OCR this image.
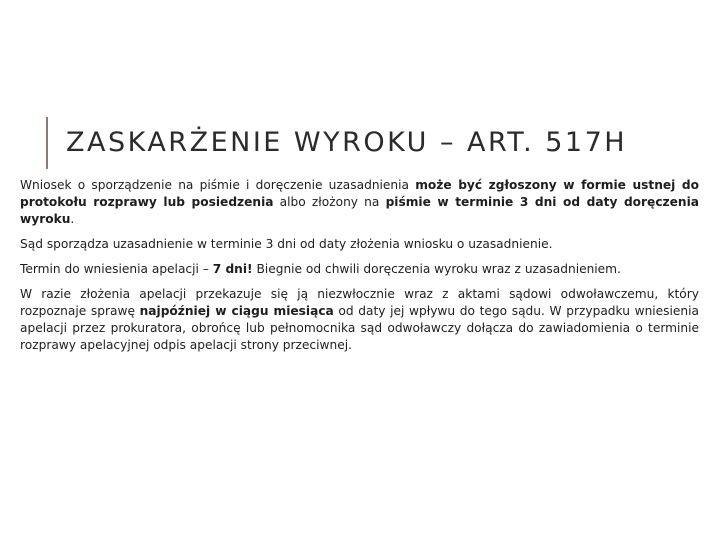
ZASKARŻENIE WYROKU – ART. 517H

Wniosek o sporządzenie na piśmie i doręczenie uzasadnienia może być zgłoszony w formie ustnej do protokołu rozprawy lub posiedzenia albo złożony na piśmie w terminie 3 dni od daty doręczenia wyroku.

Sąd sporządza uzasadnienie w terminie 3 dni od daty złożenia wniosku o uzasadnienie.

Termin do wniesienia apelacji – 7 dni! Biegnie od chwili doręczenia wyroku wraz z uzasadnieniem.

W razie złożenia apelacji przekazuje się ją niezwłocznie wraz z aktami sądowi odwoławczemu, który rozpoznaje sprawę najpóźniej w ciągu miesiąca od daty jej wpływu do tego sądu. W przypadku wniesienia apelacji przez prokuratora, obrońcę lub pełnomocnika sąd odwoławczy dołącza do zawiadomienia o terminie rozprawy apelacyjnej odpis apelacji strony przeciwnej.
